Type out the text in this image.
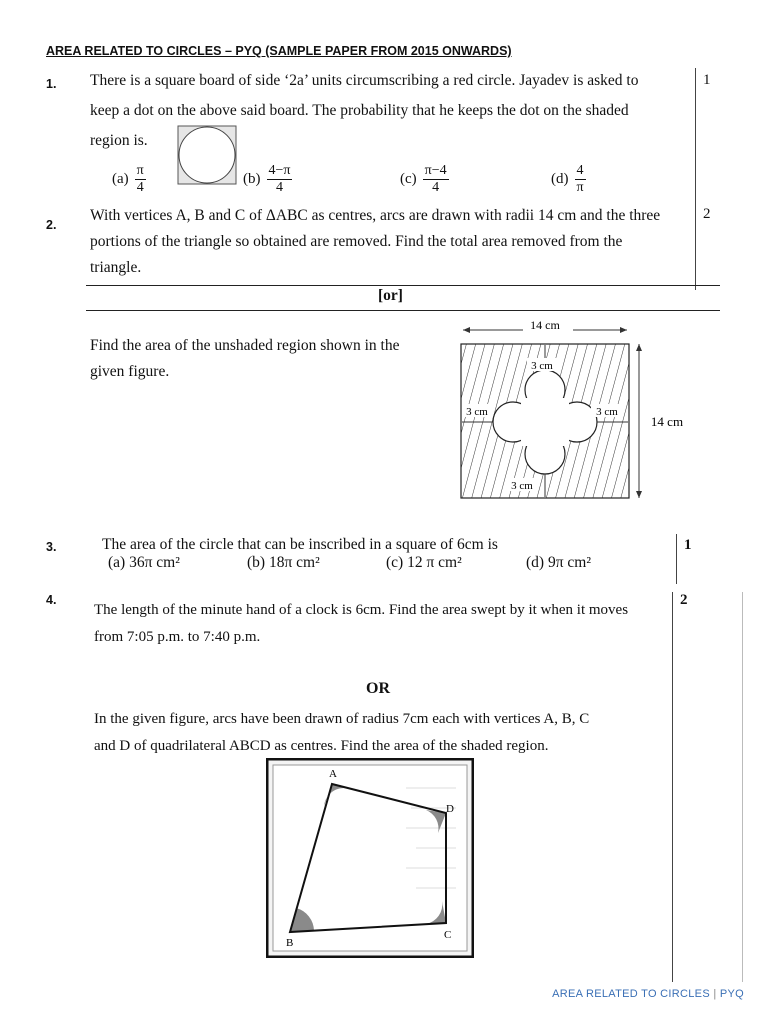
AREA RELATED TO CIRCLES – PYQ (SAMPLE PAPER FROM 2015 ONWARDS)
1. There is a square board of side ‘2a’ units circumscribing a red circle. Jayadev is asked to
keep a dot on the above said board. The probability that he keeps the dot on the shaded
region is.
1
$(a) \frac{\pi}{4}$	$(b) \frac{4-\pi}{4}$	$(c) \frac{\pi-4}{4}$	$(d) \frac{4}{\pi}$
2.
With vertices A, B and C of ΔABC as centres, arcs are drawn with radii 14 cm and the three
portions of the triangle so obtained are removed. Find the total area removed from the
triangle.
2
[or]
Find the area of the unshaded region shown in the
given figure.
14 cm
3 cm
3 cm	3 cm
3 cm
14 cm
3.	The area of the circle that can be inscribed in a square of 6cm is	1
(a) 36π cm²	(b) 18π cm²	(c) 12 π cm²	(d) 9π cm²
4.
The length of the minute hand of a clock is 6cm. Find the area swept by it when it moves
from 7:05 p.m. to 7:40 p.m.
2
OR
In the given figure, arcs have been drawn of radius 7cm each with vertices A, B, C
and D of quadrilateral ABCD as centres. Find the area of the shaded region.
A
B
C
D
AREA RELATED TO CIRCLES | PYQ
